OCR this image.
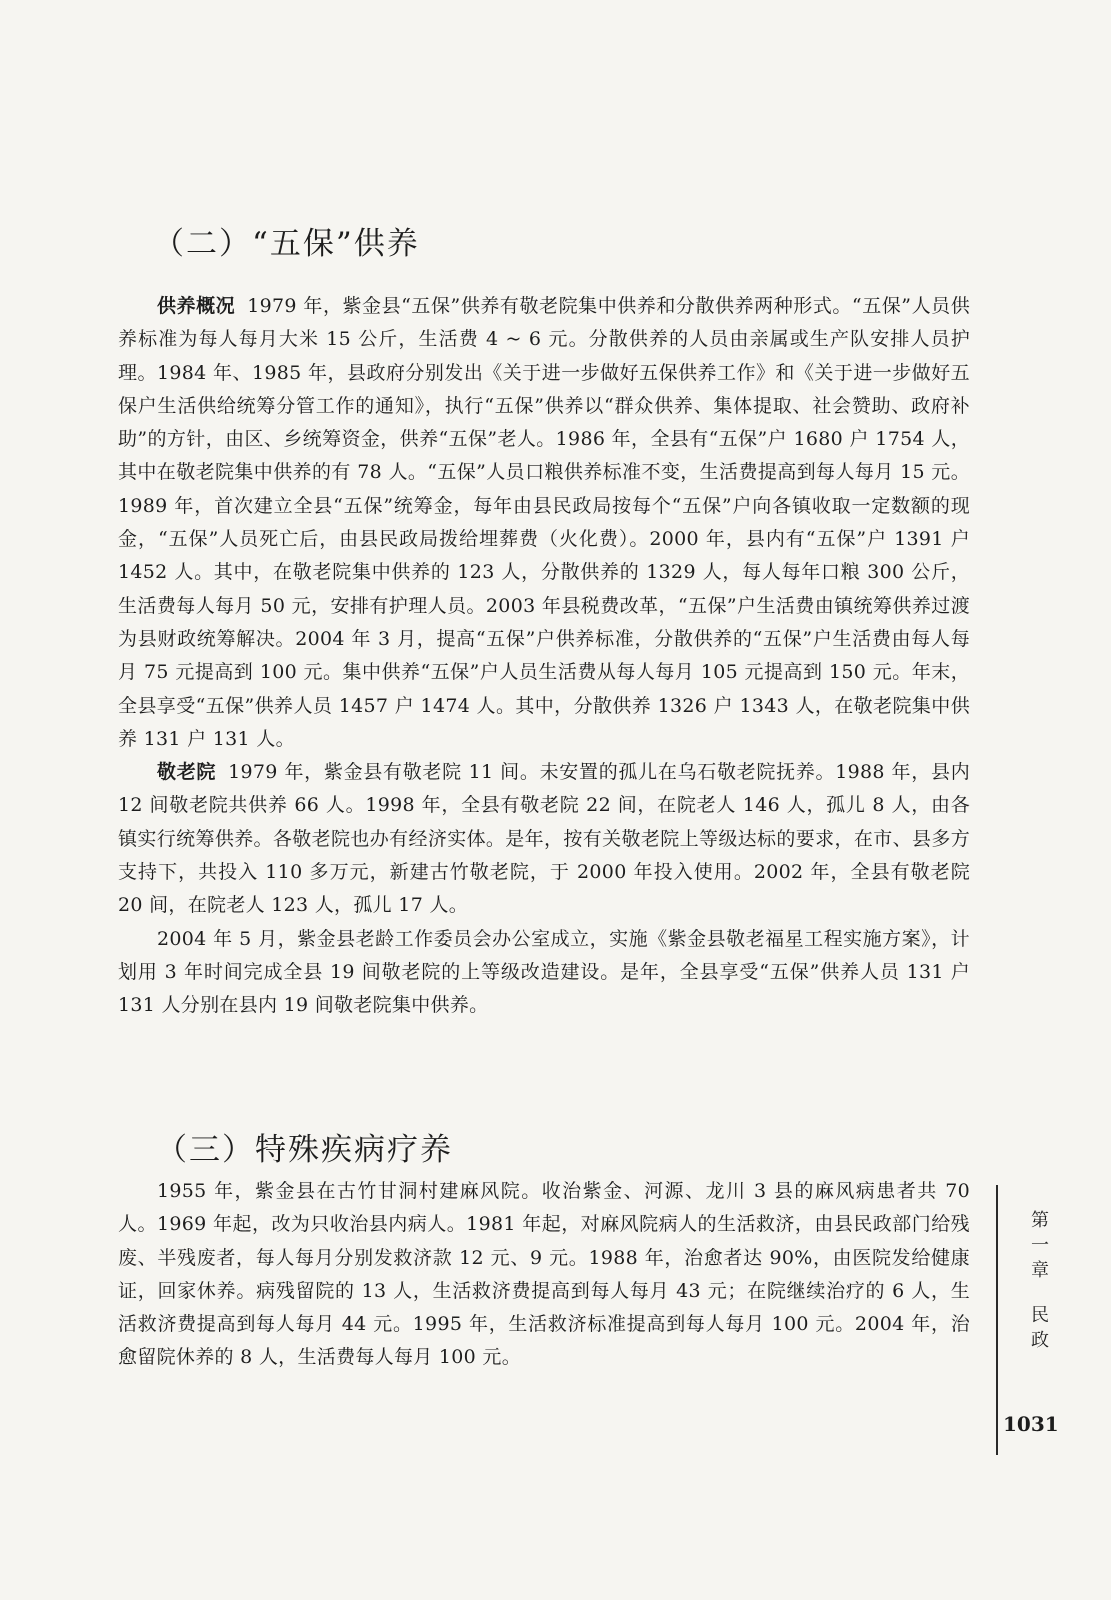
（二）“五保”供养

供养概况 1979 年，紫金县“五保”供养有敬老院集中供养和分散供养两种形式。“五保”人员供养标准为每人每月大米 15 公斤，生活费 4 ~ 6 元。分散供养的人员由亲属或生产队安排人员护理。1984 年、1985 年，县政府分别发出《关于进一步做好五保供养工作》和《关于进一步做好五保户生活供给统筹分管工作的通知》，执行“五保”供养以“群众供养、集体提取、社会赞助、政府补助”的方针，由区、乡统筹资金，供养“五保”老人。1986 年，全县有“五保”户 1680 户 1754 人，其中在敬老院集中供养的有 78 人。“五保”人员口粮供养标准不变，生活费提高到每人每月 15 元。1989 年，首次建立全县“五保”统筹金，每年由县民政局按每个“五保”户向各镇收取一定数额的现金，“五保”人员死亡后，由县民政局拨给埋葬费（火化费）。2000 年，县内有“五保”户 1391 户 1452 人。其中，在敬老院集中供养的 123 人，分散供养的 1329 人，每人每年口粮 300 公斤，生活费每人每月 50 元，安排有护理人员。2003 年县税费改革，“五保”户生活费由镇统筹供养过渡为县财政统筹解决。2004 年 3 月，提高“五保”户供养标准，分散供养的“五保”户生活费由每人每月 75 元提高到 100 元。集中供养“五保”户人员生活费从每人每月 105 元提高到 150 元。年末，全县享受“五保”供养人员 1457 户 1474 人。其中，分散供养 1326 户 1343 人，在敬老院集中供养 131 户 131 人。

敬老院 1979 年，紫金县有敬老院 11 间。未安置的孤儿在乌石敬老院抚养。1988 年，县内 12 间敬老院共供养 66 人。1998 年，全县有敬老院 22 间，在院老人 146 人，孤儿 8 人，由各镇实行统筹供养。各敬老院也办有经济实体。是年，按有关敬老院上等级达标的要求，在市、县多方支持下，共投入 110 多万元，新建古竹敬老院，于 2000 年投入使用。2002 年，全县有敬老院 20 间，在院老人 123 人，孤儿 17 人。

2004 年 5 月，紫金县老龄工作委员会办公室成立，实施《紫金县敬老福星工程实施方案》，计划用 3 年时间完成全县 19 间敬老院的上等级改造建设。是年，全县享受“五保”供养人员 131 户 131 人分别在县内 19 间敬老院集中供养。

（三）特殊疾病疗养

1955 年，紫金县在古竹甘洞村建麻风院。收治紫金、河源、龙川 3 县的麻风病患者共 70 人。1969 年起，改为只收治县内病人。1981 年起，对麻风院病人的生活救济，由县民政部门给残废、半残废者，每人每月分别发救济款 12 元、9 元。1988 年，治愈者达 90%，由医院发给健康证，回家休养。病残留院的 13 人，生活救济费提高到每人每月 43 元；在院继续治疗的 6 人，生活救济费提高到每人每月 44 元。1995 年，生活救济标准提高到每人每月 100 元。2004 年，治愈留院休养的 8 人，生活费每人每月 100 元。

第一章
民政
1031
